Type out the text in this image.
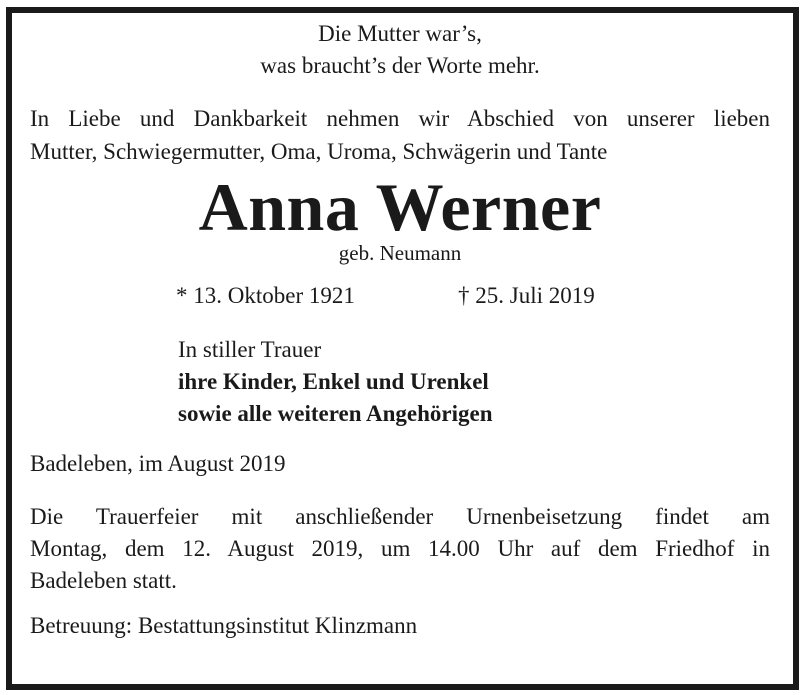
Die Mutter war’s,
was braucht’s der Worte mehr.
In Liebe und Dankbarkeit nehmen wir Abschied von unserer lieben
Mutter, Schwiegermutter, Oma, Uroma, Schwägerin und Tante
Anna Werner
geb. Neumann
* 13. Oktober 1921	† 25. Juli 2019
In stiller Trauer
ihre Kinder, Enkel und Urenkel
sowie alle weiteren Angehörigen
Badeleben, im August 2019
Die Trauerfeier mit anschließender Urnenbeisetzung findet am
Montag, dem 12. August 2019, um 14.00 Uhr auf dem Friedhof in
Badeleben statt.
Betreuung: Bestattungsinstitut Klinzmann
